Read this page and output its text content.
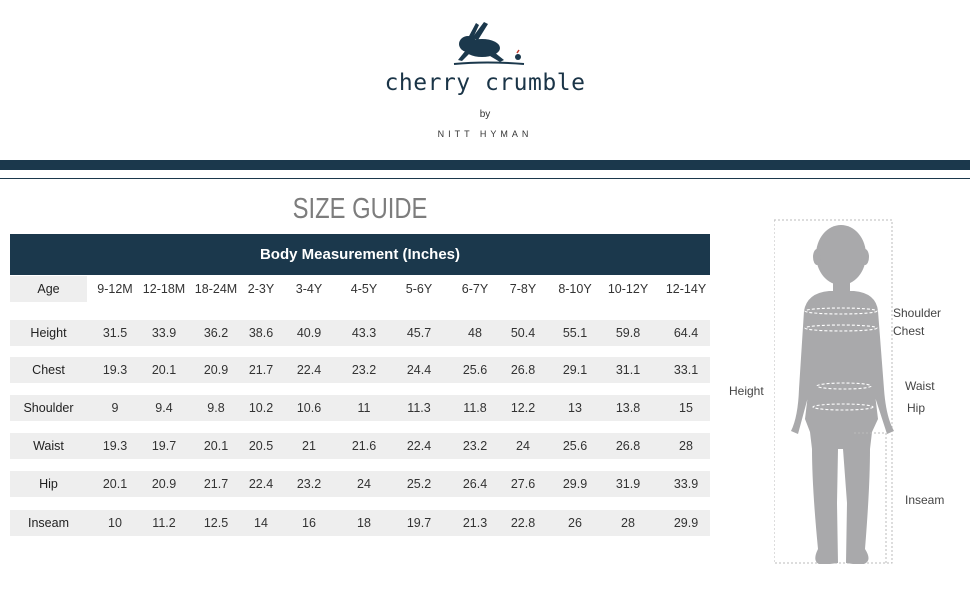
cherry crumble
by
NITT HYMAN
SIZE GUIDE
Body Measurement (Inches)
Age	9-12M 12-18M 18-24M 2-3Y	3-4Y	4-5Y	5-6Y	6-7Y	7-8Y	8-10Y	10-12Y	12-14Y
Height	31.5	33.9	36.2	38.6	40.9	43.3	45.7	48	50.4	55.1	59.8	64.4
Chest	19.3	20.1	20.9	21.7	22.4	23.2	24.4	25.6	26.8	29.1	31.1	33.1
Shoulder	9	9.4	9.8	10.2	10.6	11	11.3	11.8	12.2	13	13.8	15
Waist	19.3	19.7	20.1	20.5	21	21.6	22.4	23.2	24	25.6	26.8	28
Hip	20.1	20.9	21.7	22.4	23.2	24	25.2	26.4	27.6	29.9	31.9	33.9
Inseam	10	11.2	12.5	14	16	18	19.7	21.3	22.8	26	28	29.9
Height
Shoulder
Chest
Waist
Hip
Inseam
